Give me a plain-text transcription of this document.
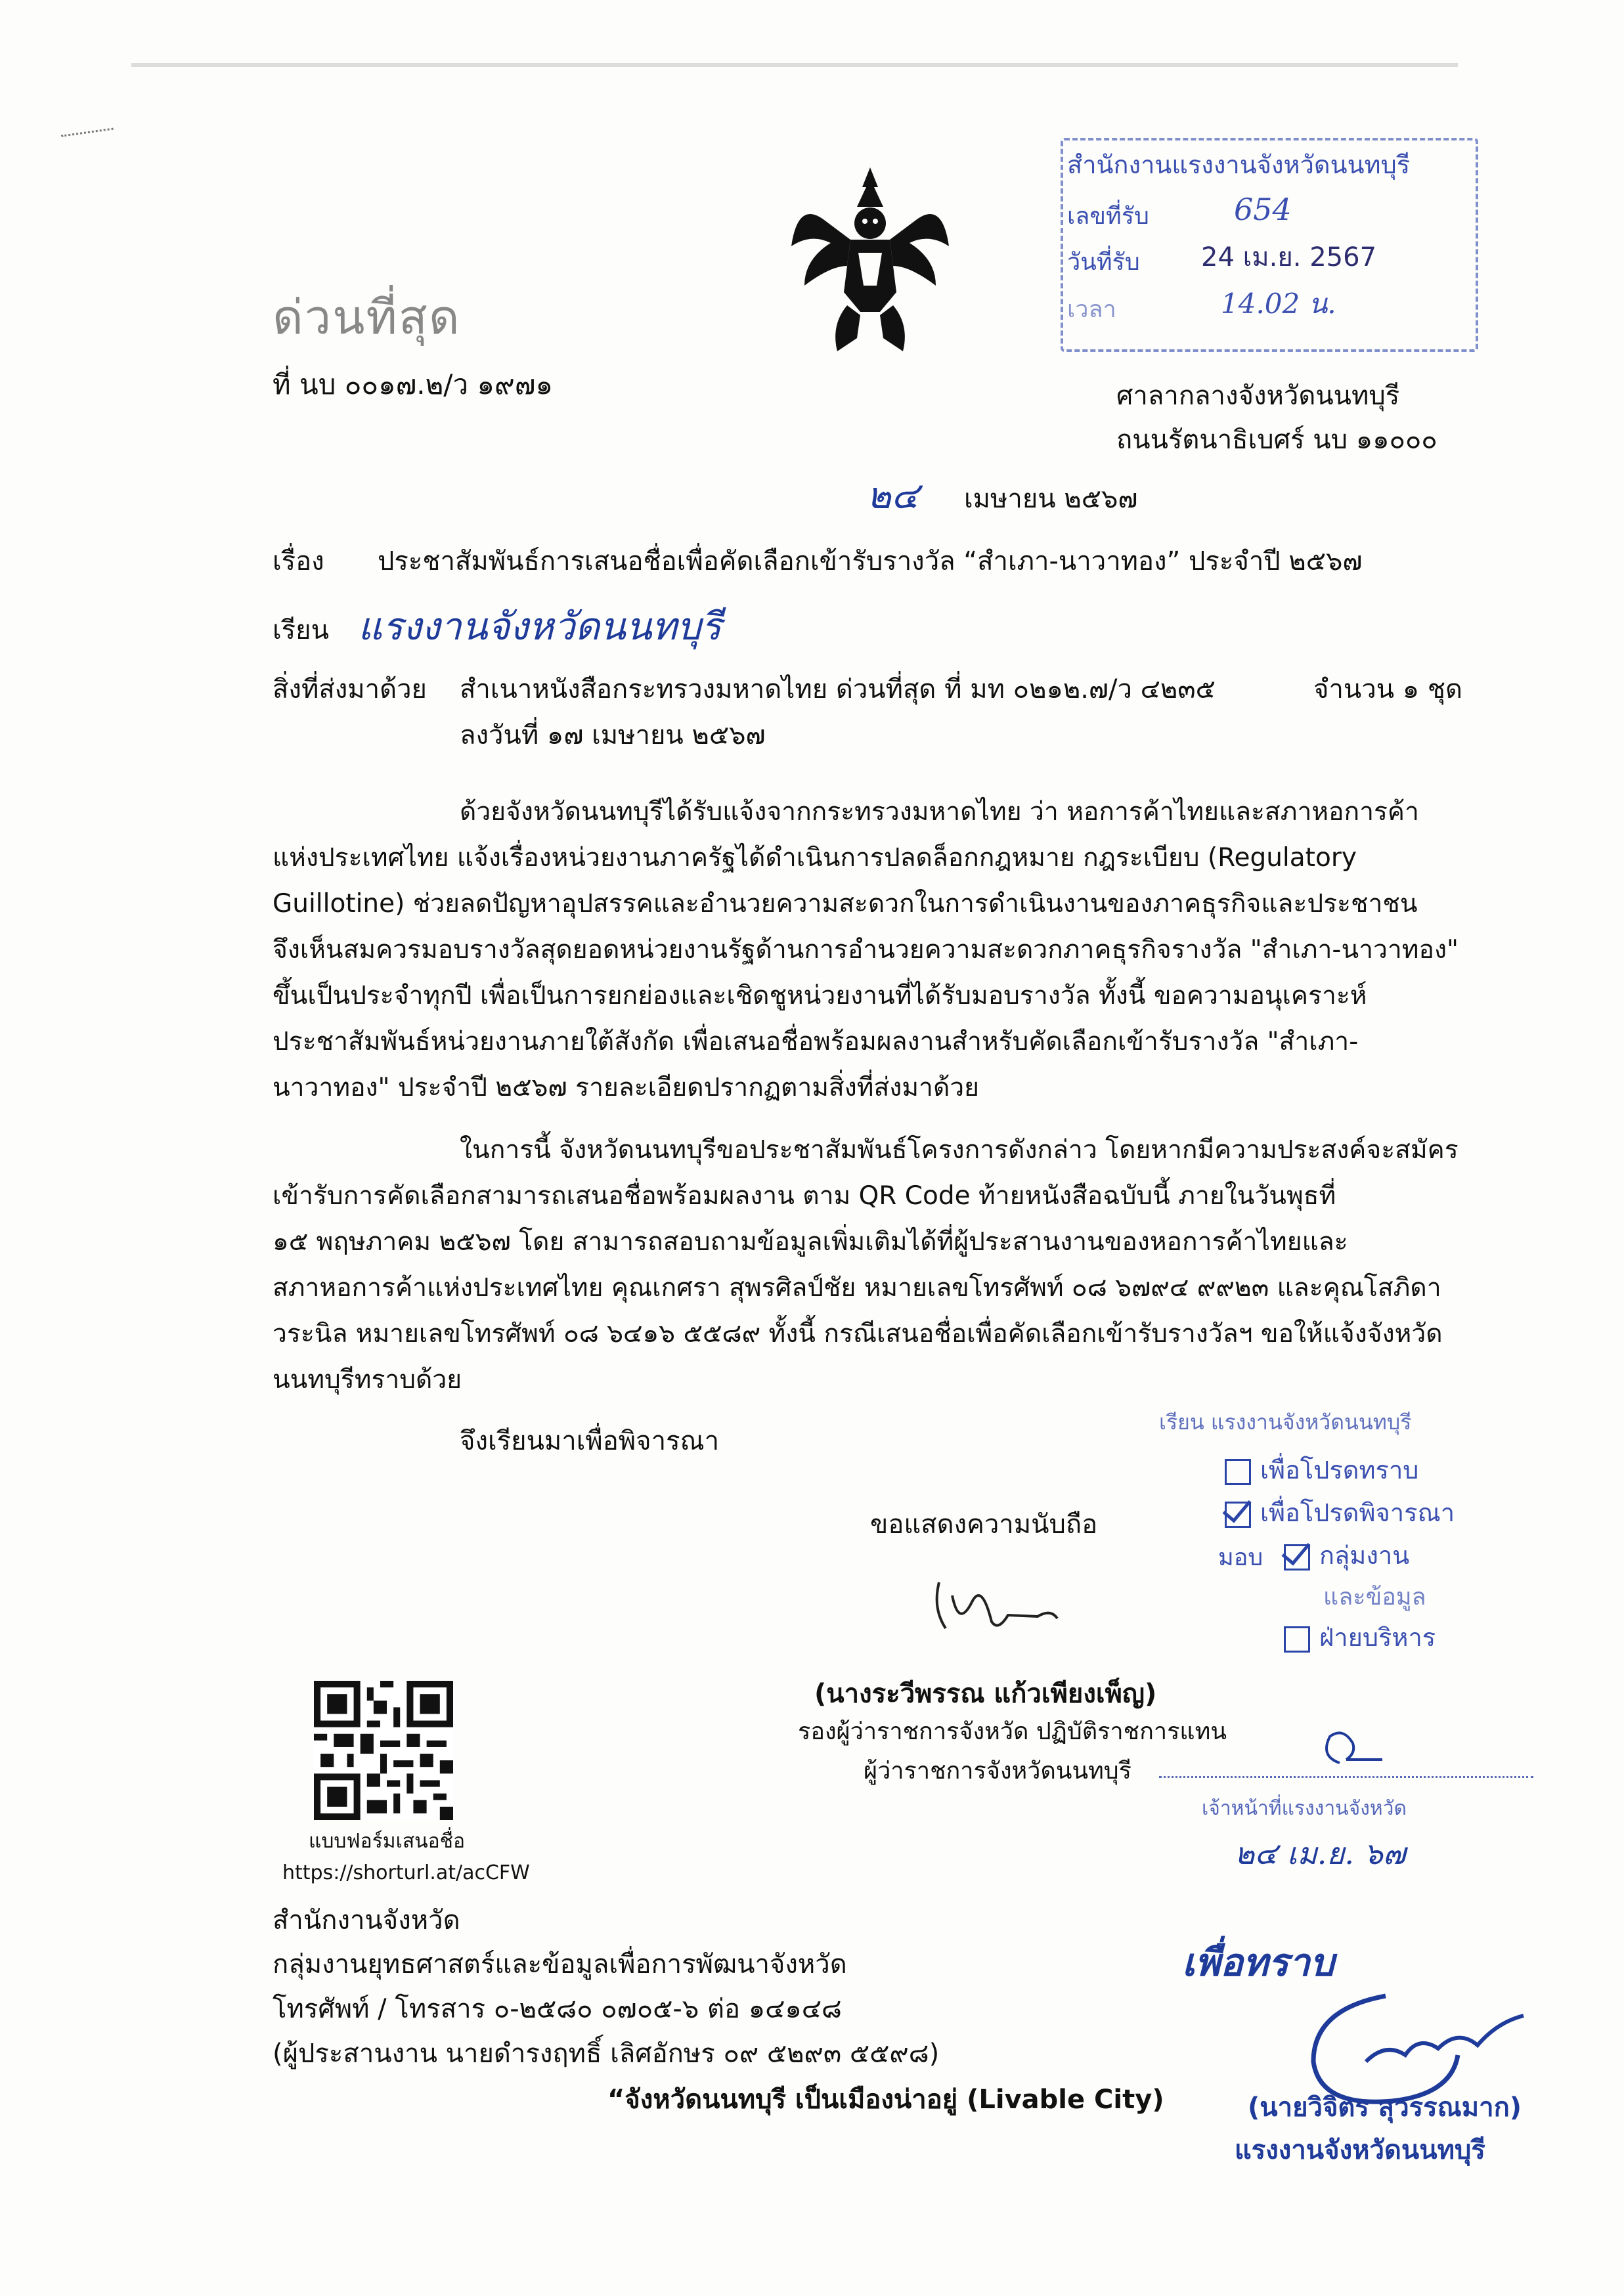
ด่วนที่สุด
ที่ นบ ๐๐๑๗.๒/ว ๑๙๗๑	ศาลากลางจังหวัดนนทบุรี
ถนนรัตนาธิเบศร์ นบ ๑๑๐๐๐
๒๔ เมษายน ๒๕๖๗
เรื่อง ประชาสัมพันธ์การเสนอชื่อเพื่อคัดเลือกเข้ารับรางวัล “สำเภา-นาวาทอง” ประจำปี ๒๕๖๗
เรียน แรงงานจังหวัดนนทบุรี
สิ่งที่ส่งมาด้วย สำเนาหนังสือกระทรวงมหาดไทย ด่วนที่สุด ที่ มท ๐๒๑๒.๗/ว ๔๒๓๕	จำนวน ๑ ชุด
ลงวันที่ ๑๗ เมษายน ๒๕๖๗
ด้วยจังหวัดนนทบุรีได้รับแจ้งจากกระทรวงมหาดไทย ว่า หอการค้าไทยและสภาหอการค้า
แห่งประเทศไทย แจ้งเรื่องหน่วยงานภาครัฐได้ดำเนินการปลดล็อกกฎหมาย กฎระเบียบ (Regulatory
Guillotine) ช่วยลดปัญหาอุปสรรคและอำนวยความสะดวกในการดำเนินงานของภาคธุรกิจและประชาชน
จึงเห็นสมควรมอบรางวัลสุดยอดหน่วยงานรัฐด้านการอำนวยความสะดวกภาคธุรกิจรางวัล "สำเภา-นาวาทอง"
ขึ้นเป็นประจำทุกปี เพื่อเป็นการยกย่องและเชิดชูหน่วยงานที่ได้รับมอบรางวัล ทั้งนี้ ขอความอนุเคราะห์
ประชาสัมพันธ์หน่วยงานภายใต้สังกัด เพื่อเสนอชื่อพร้อมผลงานสำหรับคัดเลือกเข้ารับรางวัล "สำเภา-
นาวาทอง" ประจำปี ๒๕๖๗ รายละเอียดปรากฏตามสิ่งที่ส่งมาด้วย
ในการนี้ จังหวัดนนทบุรีขอประชาสัมพันธ์โครงการดังกล่าว โดยหากมีความประสงค์จะสมัคร
เข้ารับการคัดเลือกสามารถเสนอชื่อพร้อมผลงาน ตาม QR Code ท้ายหนังสือฉบับนี้ ภายในวันพุธที่
๑๕ พฤษภาคม ๒๕๖๗ โดย สามารถสอบถามข้อมูลเพิ่มเติมได้ที่ผู้ประสานงานของหอการค้าไทยและ
สภาหอการค้าแห่งประเทศไทย คุณเกศรา สุพรศิลป์ชัย หมายเลขโทรศัพท์ ๐๘ ๖๗๙๔ ๙๙๒๓ และคุณโสภิดา
วระนิล หมายเลขโทรศัพท์ ๐๘ ๖๔๑๖ ๕๕๘๙ ทั้งนี้ กรณีเสนอชื่อเพื่อคัดเลือกเข้ารับรางวัลฯ ขอให้แจ้งจังหวัด
นนทบุรีทราบด้วย
จึงเรียนมาเพื่อพิจารณา
ขอแสดงความนับถือ
(นางระวีพรรณ แก้วเพียงเพ็ญ)
รองผู้ว่าราชการจังหวัด ปฏิบัติราชการแทน
ผู้ว่าราชการจังหวัดนนทบุรี
แบบฟอร์มเสนอชื่อ
https://shorturl.at/acCFW
สำนักงานจังหวัด
กลุ่มงานยุทธศาสตร์และข้อมูลเพื่อการพัฒนาจังหวัด
โทรศัพท์ / โทรสาร ๐-๒๕๘๐ ๐๗๐๕-๖ ต่อ ๑๔๑๔๘
(ผู้ประสานงาน นายดำรงฤทธิ์ เลิศอักษร ๐๙ ๕๒๙๓ ๕๕๙๘)
“จังหวัดนนทบุรี เป็นเมืองน่าอยู่ (Livable City)
สำนักงานแรงงานจังหวัดนนทบุรี
เลขที่รับ	654
วันที่รับ 24 เม.ย. 2567
เวลา	14.02 น.
เรียน แรงงานจังหวัดนนทบุรี
เพื่อโปรดทราบ
เพื่อโปรดพิจารณา
มอบ	กลุ่มงาน
และข้อมูล
ฝ่ายบริหาร
เจ้าหน้าที่แรงงานจังหวัด
๒๔ เม.ย. ๖๗
เพื่อทราบ
(นายวิจิตร สุวรรณมาก)
แรงงานจังหวัดนนทบุรี
